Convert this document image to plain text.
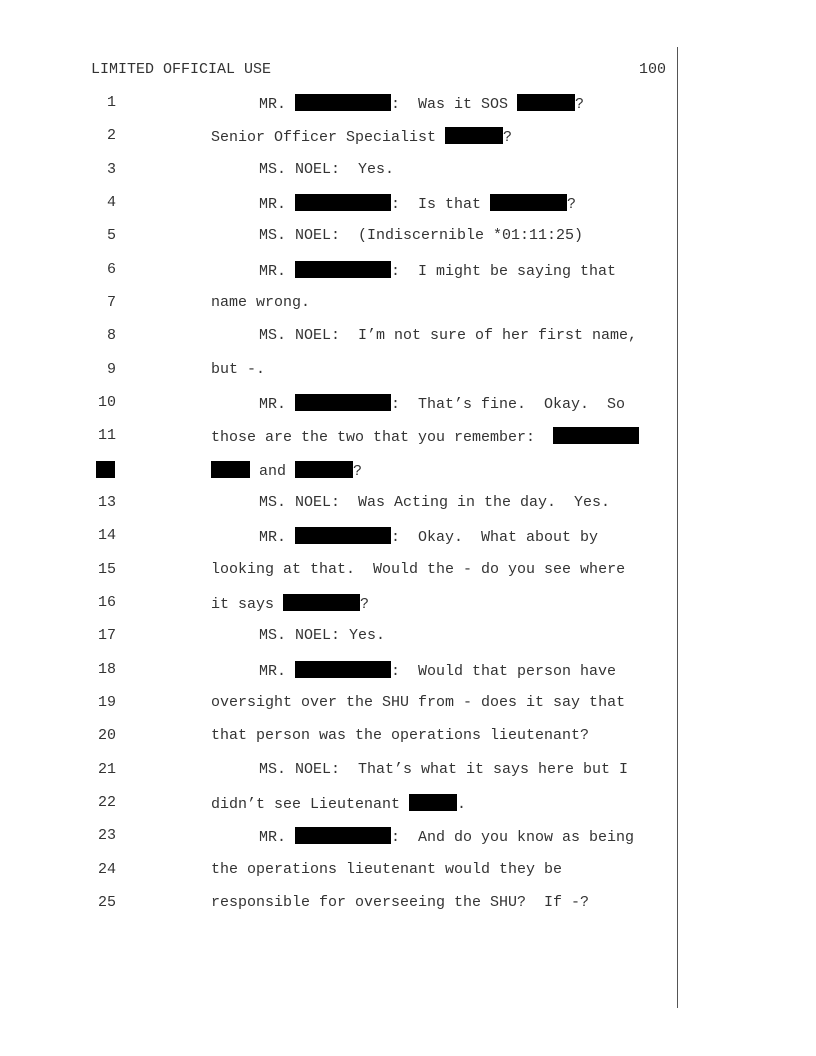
LIMITED OFFICIAL USE	100
1	MR.	:  Was it SOS	?
2	Senior Officer Specialist	?
3	MS. NOEL:  Yes.
4	MR.	:  Is that	?
5	MS. NOEL:  (Indiscernible *01:11:25)
6	MR.	:  I might be saying that
7	name wrong.
8	MS. NOEL:  I’m not sure of her first name,
9	but -.
10	MR.	:  That’s fine.  Okay.  So
11	those are the two that you remember:
and	?
13	MS. NOEL:  Was Acting in the day.  Yes.
14	MR.	:  Okay.  What about by
15	looking at that.  Would the - do you see where
16	it says	?
17	MS. NOEL: Yes.
18	MR.	:  Would that person have
19	oversight over the SHU from - does it say that
20	that person was the operations lieutenant?
21	MS. NOEL:  That’s what it says here but I
22	didn’t see Lieutenant	.
23	MR.	:  And do you know as being
24	the operations lieutenant would they be
25	responsible for overseeing the SHU?  If -?
